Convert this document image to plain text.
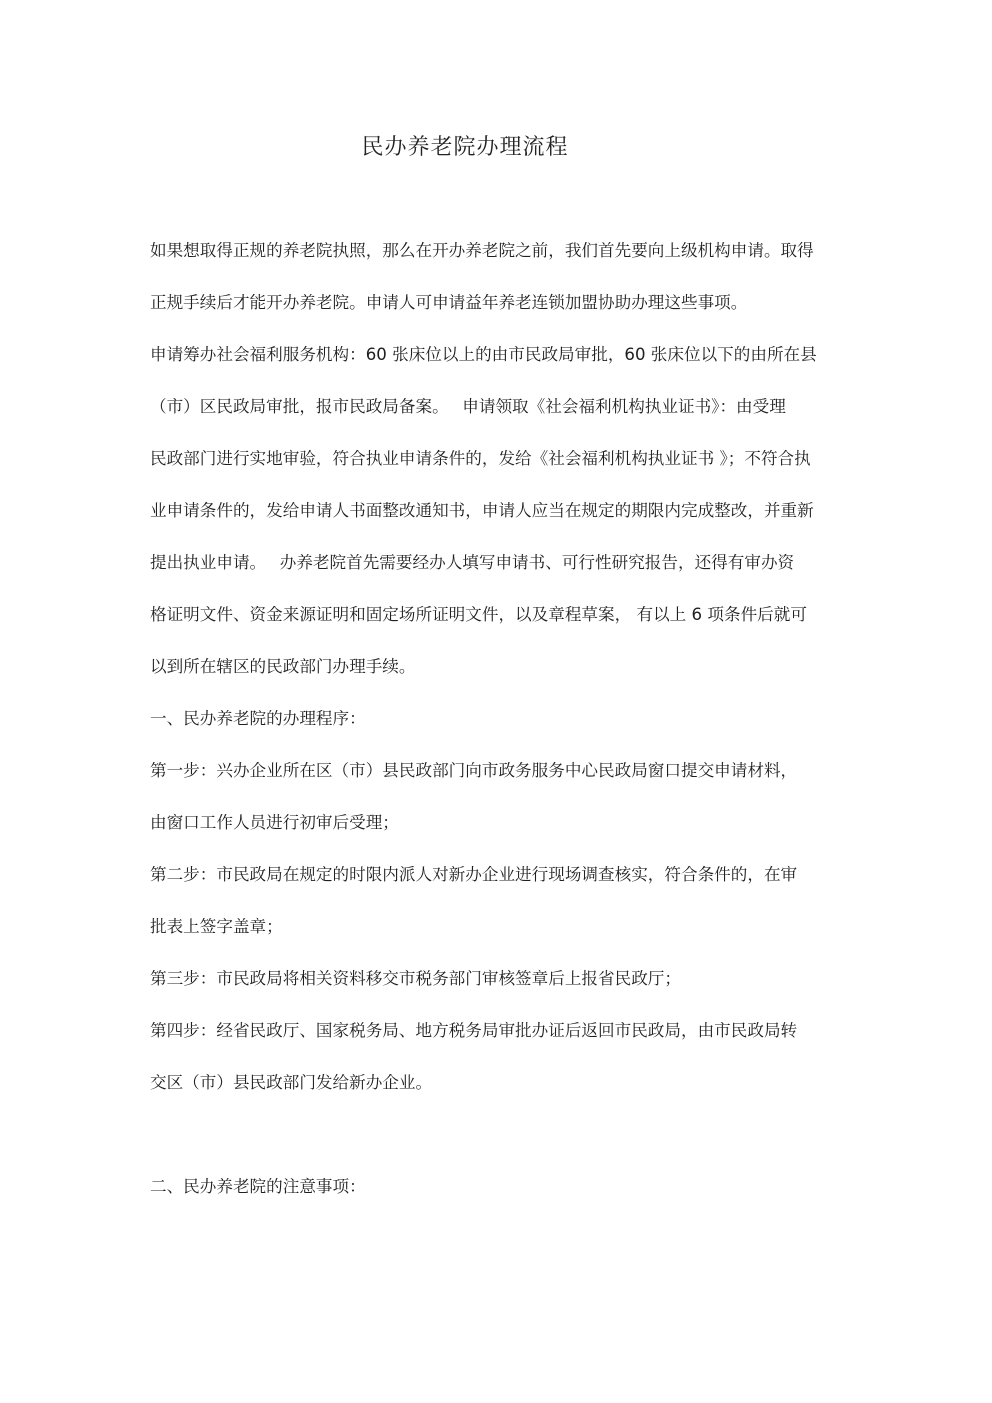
民办养老院办理流程
如果想取得正规的养老院执照，那么在开办养老院之前，我们首先要向上级机构申请。取得
正规手续后才能开办养老院。申请人可申请益年养老连锁加盟协助办理这些事项。
申请筹办社会福利服务机构：60 张床位以上的由市民政局审批，60 张床位以下的由所在县
（市）区民政局审批，报市民政局备案。　 申请领取《社会福利机构执业证书》：由受理
民政部门进行实地审验，符合执业申请条件的，发给《社会福利机构执业证书 》；不符合执
业申请条件的，发给申请人书面整改通知书，申请人应当在规定的期限内完成整改，并重新
提出执业申请。　 办养老院首先需要经办人填写申请书、可行性研究报告，还得有审办资
格证明文件、资金来源证明和固定场所证明文件，以及章程草案， 有以上 6 项条件后就可
以到所在辖区的民政部门办理手续。
一、民办养老院的办理程序：
第一步：兴办企业所在区（市）县民政部门向市政务服务中心民政局窗口提交申请材料，
由窗口工作人员进行初审后受理；
第二步：市民政局在规定的时限内派人对新办企业进行现场调查核实，符合条件的，在审
批表上签字盖章；
第三步：市民政局将相关资料移交市税务部门审核签章后上报省民政厅；
第四步：经省民政厅、国家税务局、地方税务局审批办证后返回市民政局，由市民政局转
交区（市）县民政部门发给新办企业。
二、民办养老院的注意事项：
